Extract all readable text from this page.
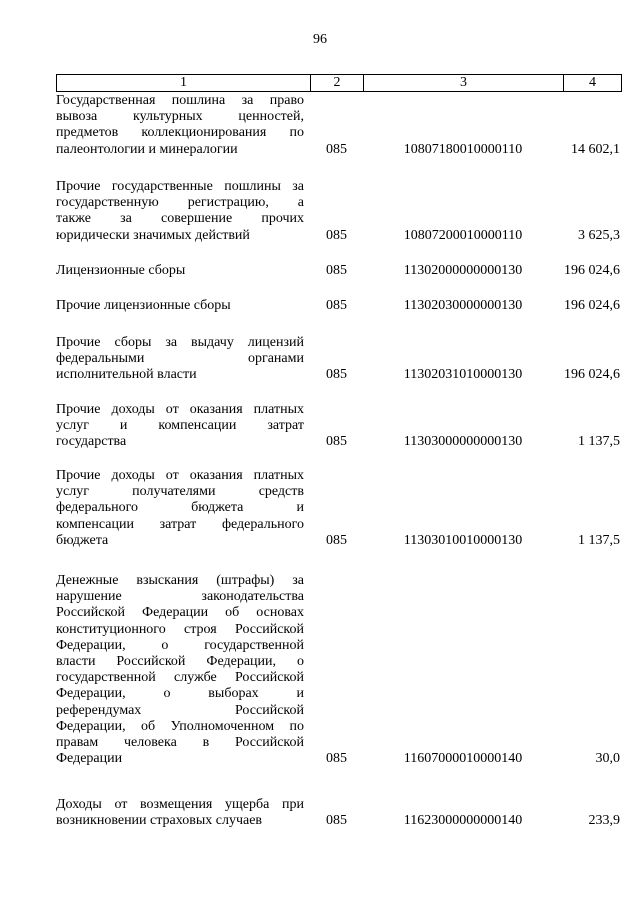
96
1	2	3	4
Государственная пошлина за право
вывоза культурных ценностей,
предметов коллекционирования по
палеонтологии и минералогии	085	10807180010000110	14 602,1
Прочие государственные пошлины за
государственную регистрацию, а
также за совершение прочих
юридически значимых действий	085	10807200010000110	3 625,3
Лицензионные сборы	085	11302000000000130	196 024,6
Прочие лицензионные сборы	085	11302030000000130	196 024,6
Прочие сборы за выдачу лицензий
федеральными органами
исполнительной власти	085	11302031010000130	196 024,6
Прочие доходы от оказания платных
услуг и компенсации затрат
государства	085	11303000000000130	1 137,5
Прочие доходы от оказания платных
услуг получателями средств
федерального бюджета и
компенсации затрат федерального
бюджета	085	11303010010000130	1 137,5
Денежные взыскания (штрафы) за
нарушение законодательства
Российской Федерации об основах
конституционного строя Российской
Федерации, о государственной
власти Российской Федерации, о
государственной службе Российской
Федерации, о выборах и
референдумах Российской
Федерации, об Уполномоченном по
правам человека в Российской
Федерации	085	11607000010000140	30,0
Доходы от возмещения ущерба при
возникновении страховых случаев	085	11623000000000140	233,9
